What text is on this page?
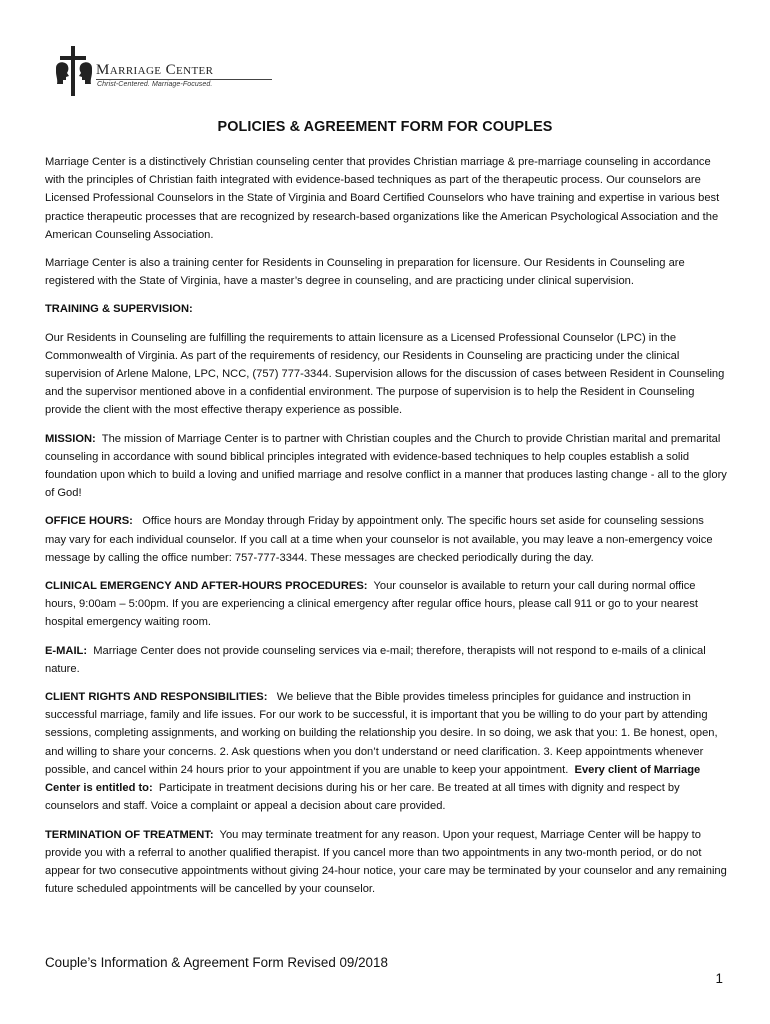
Marriage Center
Christ-Centered. Marriage-Focused.
POLICIES & AGREEMENT FORM FOR COUPLES

Marriage Center is a distinctively Christian counseling center that provides Christian marriage & pre-marriage counseling in accordance with the principles of Christian faith integrated with evidence-based techniques as part of the therapeutic process. Our counselors are Licensed Professional Counselors in the State of Virginia and Board Certified Counselors who have training and expertise in various best practice therapeutic processes that are recognized by research-based organizations like the American Psychological Association and the American Counseling Association.

Marriage Center is also a training center for Residents in Counseling in preparation for licensure. Our Residents in Counseling are registered with the State of Virginia, have a master’s degree in counseling, and are practicing under clinical supervision.

TRAINING & SUPERVISION:

Our Residents in Counseling are fulfilling the requirements to attain licensure as a Licensed Professional Counselor (LPC) in the Commonwealth of Virginia. As part of the requirements of residency, our Residents in Counseling are practicing under the clinical supervision of Arlene Malone, LPC, NCC, (757) 777-3344. Supervision allows for the discussion of cases between Resident in Counseling and the supervisor mentioned above in a confidential environment. The purpose of supervision is to help the Resident in Counseling provide the client with the most effective therapy experience as possible.

MISSION: The mission of Marriage Center is to partner with Christian couples and the Church to provide Christian marital and premarital counseling in accordance with sound biblical principles integrated with evidence-based techniques to help couples establish a solid foundation upon which to build a loving and unified marriage and resolve conflict in a manner that produces lasting change - all to the glory of God!

OFFICE HOURS: Office hours are Monday through Friday by appointment only. The specific hours set aside for counseling sessions may vary for each individual counselor. If you call at a time when your counselor is not available, you may leave a non-emergency voice message by calling the office number: 757-777-3344. These messages are checked periodically during the day.

CLINICAL EMERGENCY AND AFTER-HOURS PROCEDURES: Your counselor is available to return your call during normal office hours, 9:00am – 5:00pm. If you are experiencing a clinical emergency after regular office hours, please call 911 or go to your nearest hospital emergency waiting room.

E-MAIL: Marriage Center does not provide counseling services via e-mail; therefore, therapists will not respond to e-mails of a clinical nature.

CLIENT RIGHTS AND RESPONSIBILITIES: We believe that the Bible provides timeless principles for guidance and instruction in successful marriage, family and life issues. For our work to be successful, it is important that you be willing to do your part by attending sessions, completing assignments, and working on building the relationship you desire. In so doing, we ask that you: 1. Be honest, open, and willing to share your concerns. 2. Ask questions when you don’t understand or need clarification. 3. Keep appointments whenever possible, and cancel within 24 hours prior to your appointment if you are unable to keep your appointment. Every client of Marriage Center is entitled to: Participate in treatment decisions during his or her care. Be treated at all times with dignity and respect by counselors and staff. Voice a complaint or appeal a decision about care provided.

TERMINATION OF TREATMENT: You may terminate treatment for any reason. Upon your request, Marriage Center will be happy to provide you with a referral to another qualified therapist. If you cancel more than two appointments in any two-month period, or do not appear for two consecutive appointments without giving 24-hour notice, your care may be terminated by your counselor and any remaining future scheduled appointments will be cancelled by your counselor.

Couple’s Information & Agreement Form Revised 09/2018
1
